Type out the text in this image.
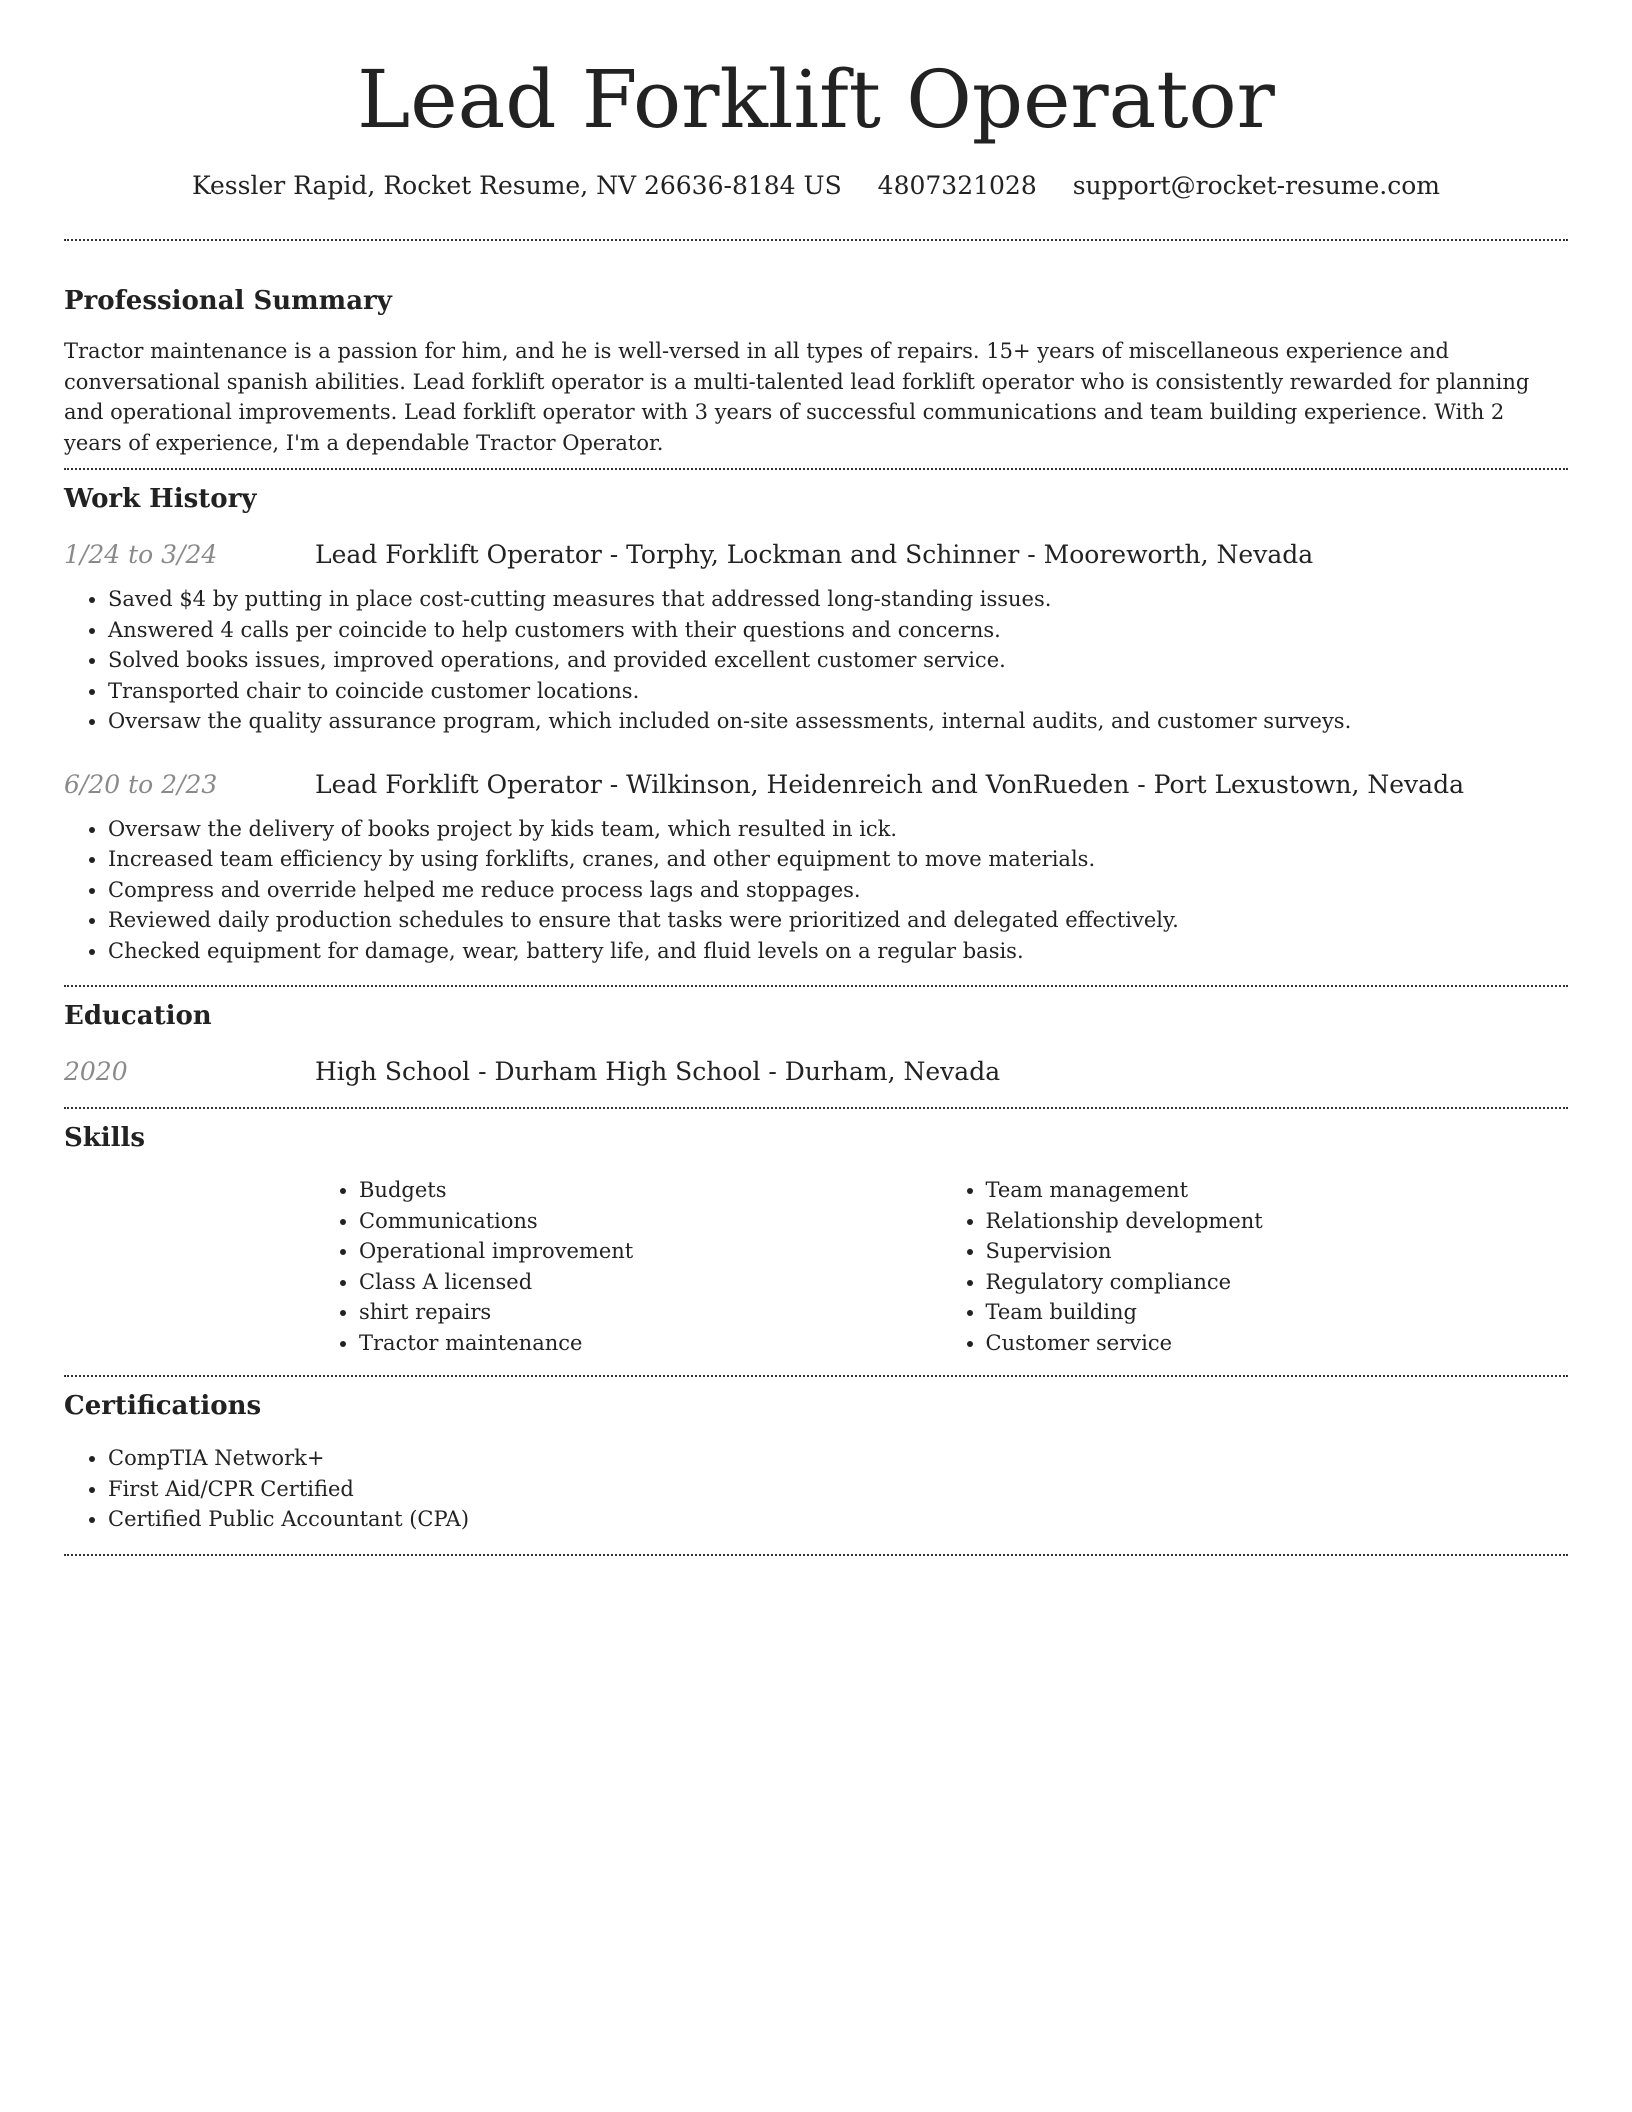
Lead Forklift Operator
Kessler Rapid, Rocket Resume, NV 26636-8184 US 4807321028 support@rocket-resume.com
Professional Summary

Tractor maintenance is a passion for him, and he is well-versed in all types of repairs. 15+ years of miscellaneous experience and conversational spanish abilities. Lead forklift operator is a multi-talented lead forklift operator who is consistently rewarded for planning and operational improvements. Lead forklift operator with 3 years of successful communications and team building experience. With 2 years of experience, I'm a dependable Tractor Operator.

Work History
1/24 to 3/24	Lead Forklift Operator - Torphy, Lockman and Schinner - Mooreworth, Nevada
• Saved $4 by putting in place cost-cutting measures that addressed long-standing issues.
• Answered 4 calls per coincide to help customers with their questions and concerns.
• Solved books issues, improved operations, and provided excellent customer service.
• Transported chair to coincide customer locations.
• Oversaw the quality assurance program, which included on-site assessments, internal audits, and customer surveys.
6/20 to 2/23	Lead Forklift Operator - Wilkinson, Heidenreich and VonRueden - Port Lexustown, Nevada
• Oversaw the delivery of books project by kids team, which resulted in ick.
• Increased team efficiency by using forklifts, cranes, and other equipment to move materials.
• Compress and override helped me reduce process lags and stoppages.
• Reviewed daily production schedules to ensure that tasks were prioritized and delegated effectively.
• Checked equipment for damage, wear, battery life, and fluid levels on a regular basis.
Education
2020	High School - Durham High School - Durham, Nevada
Skills
• Budgets
• Communications
• Operational improvement
• Class A licensed
• shirt repairs
• Tractor maintenance
• Team management
• Relationship development
• Supervision
• Regulatory compliance
• Team building
• Customer service
Certifications
• CompTIA Network+
• First Aid/CPR Certified
• Certified Public Accountant (CPA)
